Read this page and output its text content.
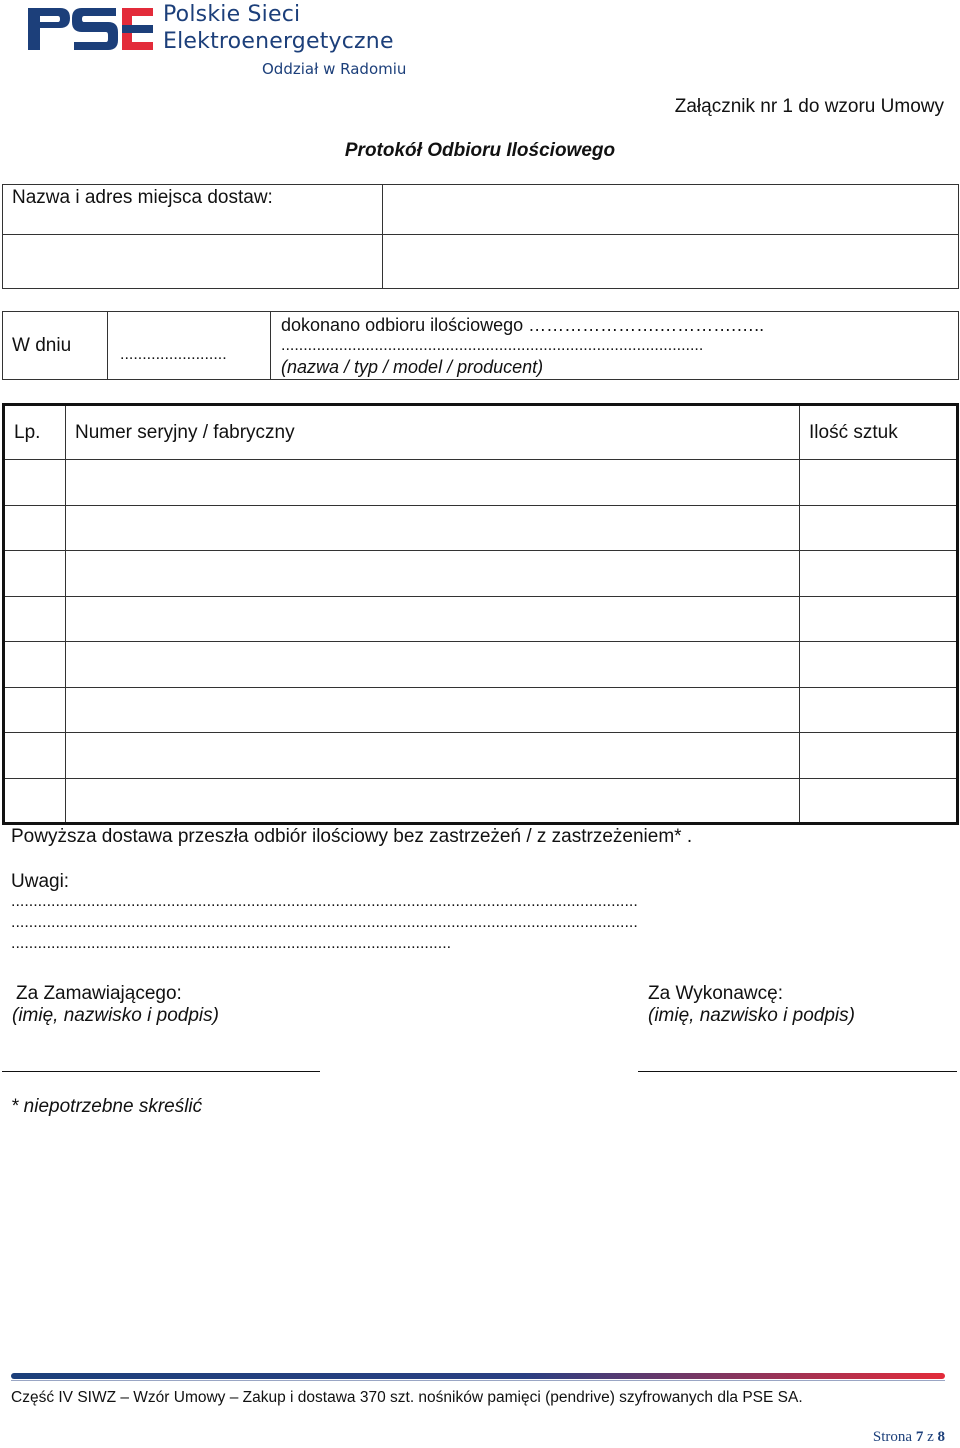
Polskie Sieci
Elektroenergetyczne
Oddział w Radomiu
Załącznik nr 1 do wzoru Umowy
Protokół Odbioru Ilościowego
Nazwa i adres miejsca dostaw:	

W dniu	$_{........................}$	
dokonano odbioru ilościowego ………………….………….…..
...............................................................................................
(nazwa / typ / model / producent)
Lp.	Numer seryjny / fabryczny	Ilość sztuk

Powyższa dostawa przeszła odbiór ilościowy bez zastrzeżeń / z zastrzeżeniem* .
Uwagi:
.............................................................................................................................................
.............................................................................................................................................
...................................................................................................
Za Zamawiającego:
(imię, nazwisko i podpis)
Za Wykonawcę:
(imię, nazwisko i podpis)
* niepotrzebne skreślić
Część IV SIWZ – Wzór Umowy – Zakup i dostawa 370 szt. nośników pamięci (pendrive) szyfrowanych dla PSE SA.
Strona 7 z 8
